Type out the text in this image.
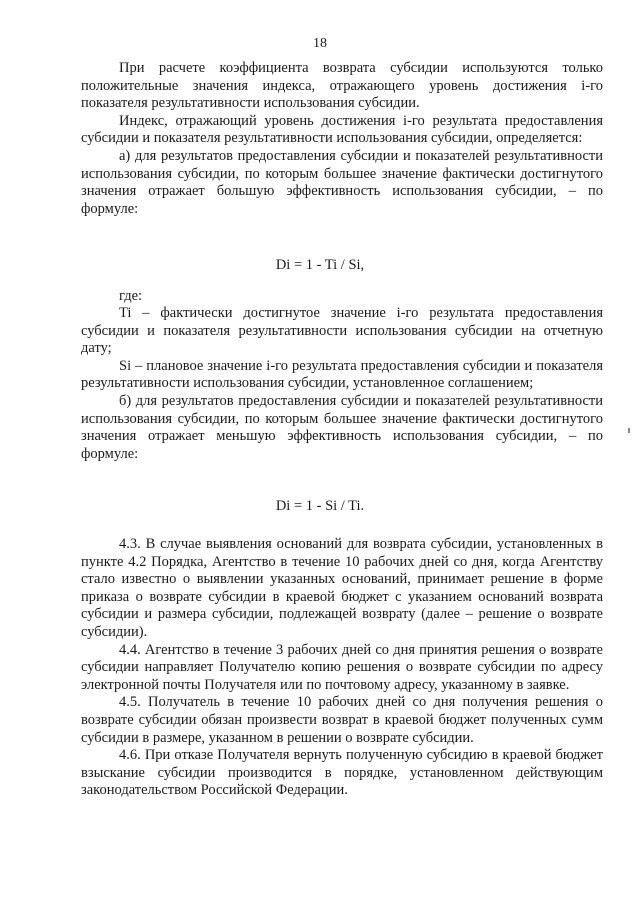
18

При расчете коэффициента возврата субсидии используются только положительные значения индекса, отражающего уровень достижения i-го показателя результативности использования субсидии.

Индекс, отражающий уровень достижения i-го результата предоставления субсидии и показателя результативности использования субсидии, определяется:

а) для результатов предоставления субсидии и показателей результативности использования субсидии, по которым большее значение фактически достигнутого значения отражает большую эффективность использования субсидии, – по формуле:

Di = 1 - Ti / Si,
где:

Ti – фактически достигнутое значение i-го результата предоставления субсидии и показателя результативности использования субсидии на отчетную дату;

Si – плановое значение i-го результата предоставления субсидии и показателя результативности использования субсидии, установленное соглашением;

б) для результатов предоставления субсидии и показателей результативности использования субсидии, по которым большее значение фактически достигнутого значения отражает меньшую эффективность использования субсидии, – по формуле:

Di = 1 - Si / Ti.

4.3. В случае выявления оснований для возврата субсидии, установленных в пункте 4.2 Порядка, Агентство в течение 10 рабочих дней со дня, когда Агентству стало известно о выявлении указанных оснований, принимает решение в форме приказа о возврате субсидии в краевой бюджет с указанием оснований возврата субсидии и размера субсидии, подлежащей возврату (далее – решение о возврате субсидии).

4.4. Агентство в течение 3 рабочих дней со дня принятия решения о возврате субсидии направляет Получателю копию решения о возврате субсидии по адресу электронной почты Получателя или по почтовому адресу, указанному в заявке.

4.5. Получатель в течение 10 рабочих дней со дня получения решения о возврате субсидии обязан произвести возврат в краевой бюджет полученных сумм субсидии в размере, указанном в решении о возврате субсидии.

4.6. При отказе Получателя вернуть полученную субсидию в краевой бюджет взыскание субсидии производится в порядке, установленном действующим законодательством Российской Федерации.
